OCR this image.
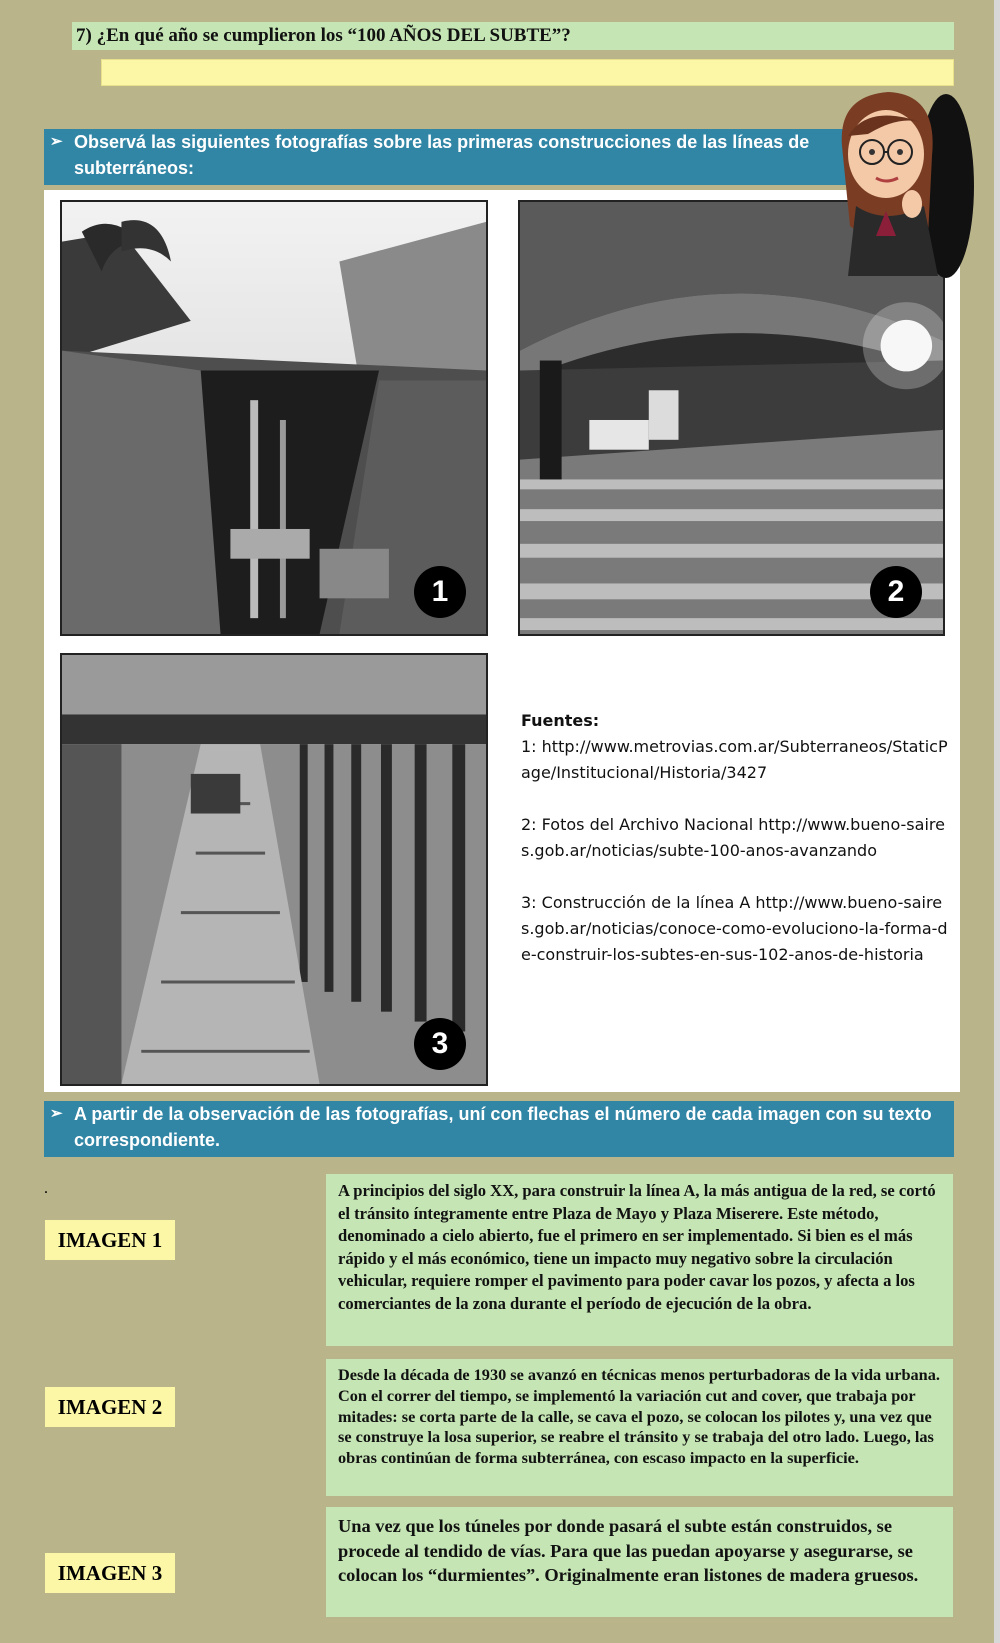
7) ¿En qué año se cumplieron los “100 AÑOS DEL SUBTE”?
➢ Observá las siguientes fotografías sobre las primeras construcciones de las líneas de subterráneos:
1	2
3

Fuentes:

1: http://www.metrovias.com.ar/Subterraneos/StaticPage/Institucional/Historia/3427

2: Fotos del Archivo Nacional http://www.bueno-saires.gob.ar/noticias/subte-100-anos-avanzando

3: Construcción de la línea A http://www.bueno-saires.gob.ar/noticias/conoce-como-evoluciono-la-forma-de-construir-los-subtes-en-sus-102-anos-de-historia

➢ A partir de la observación de las fotografías, uní con flechas el número de cada imagen con su texto correspondiente.
.
IMAGEN 1
IMAGEN 2
IMAGEN 3
A principios del siglo XX, para construir la línea A, la más antigua de la red, se cortó el tránsito íntegramente entre Plaza de Mayo y Plaza Miserere. Este método, denominado a cielo abierto, fue el primero en ser implementado. Si bien es el más rápido y el más económico, tiene un impacto muy negativo sobre la circulación vehicular, requiere romper el pavimento para poder cavar los pozos, y afecta a los comerciantes de la zona durante el período de ejecución de la obra.
Desde la década de 1930 se avanzó en técnicas menos perturbadoras de la vida urbana. Con el correr del tiempo, se implementó la variación cut and cover, que trabaja por mitades: se corta parte de la calle, se cava el pozo, se colocan los pilotes y, una vez que se construye la losa superior, se reabre el tránsito y se trabaja del otro lado. Luego, las obras continúan de forma subterránea, con escaso impacto en la superficie.
Una vez que los túneles por donde pasará el subte están construidos, se procede al tendido de vías. Para que las puedan apoyarse y asegurarse, se colocan los “durmientes”. Originalmente eran listones de madera gruesos.
